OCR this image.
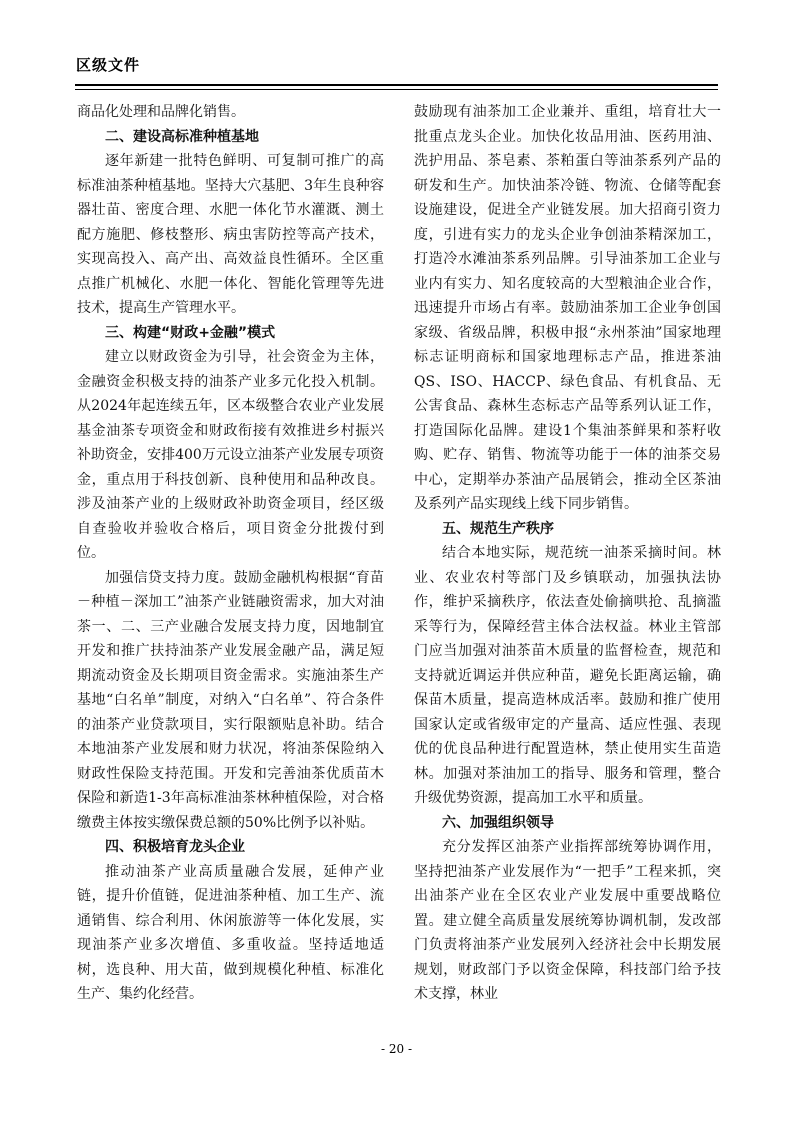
区级文件

商品化处理和品牌化销售。

二、建设高标准种植基地

逐年新建一批特色鲜明、可复制可推广的高标准油茶种植基地。坚持大穴基肥、3年生良种容器壮苗、密度合理、水肥一体化节水灌溉、测土配方施肥、修枝整形、病虫害防控等高产技术，实现高投入、高产出、高效益良性循环。全区重点推广机械化、水肥一体化、智能化管理等先进技术，提高生产管理水平。

三、构建“财政+金融”模式

建立以财政资金为引导，社会资金为主体，金融资金积极支持的油茶产业多元化投入机制。从2024年起连续五年，区本级整合农业产业发展基金油茶专项资金和财政衔接有效推进乡村振兴补助资金，安排400万元设立油茶产业发展专项资金，重点用于科技创新、良种使用和品种改良。涉及油茶产业的上级财政补助资金项目，经区级自查验收并验收合格后，项目资金分批拨付到位。

加强信贷支持力度。鼓励金融机构根据“育苗－种植－深加工”油茶产业链融资需求，加大对油茶一、二、三产业融合发展支持力度，因地制宜开发和推广扶持油茶产业发展金融产品，满足短期流动资金及长期项目资金需求。实施油茶生产基地“白名单”制度，对纳入“白名单”、符合条件的油茶产业贷款项目，实行限额贴息补助。结合本地油茶产业发展和财力状况，将油茶保险纳入财政性保险支持范围。开发和完善油茶优质苗木保险和新造1-3年高标准油茶林种植保险，对合格缴费主体按实缴保费总额的50%比例予以补贴。

四、积极培育龙头企业

推动油茶产业高质量融合发展，延伸产业链，提升价值链，促进油茶种植、加工生产、流通销售、综合利用、休闲旅游等一体化发展，实现油茶产业多次增值、多重收益。坚持适地适树，选良种、用大苗，做到规模化种植、标准化生产、集约化经营。

鼓励现有油茶加工企业兼并、重组，培育壮大一批重点龙头企业。加快化妆品用油、医药用油、洗护用品、茶皂素、茶粕蛋白等油茶系列产品的研发和生产。加快油茶冷链、物流、仓储等配套设施建设，促进全产业链发展。加大招商引资力度，引进有实力的龙头企业争创油茶精深加工，打造冷水滩油茶系列品牌。引导油茶加工企业与业内有实力、知名度较高的大型粮油企业合作，迅速提升市场占有率。鼓励油茶加工企业争创国家级、省级品牌，积极申报“永州茶油”国家地理标志证明商标和国家地理标志产品，推进茶油QS、ISO、HACCP、绿色食品、有机食品、无公害食品、森林生态标志产品等系列认证工作，打造国际化品牌。建设1个集油茶鲜果和茶籽收购、贮存、销售、物流等功能于一体的油茶交易中心，定期举办茶油产品展销会，推动全区茶油及系列产品实现线上线下同步销售。

五、规范生产秩序

结合本地实际，规范统一油茶采摘时间。林业、农业农村等部门及乡镇联动，加强执法协作，维护采摘秩序，依法查处偷摘哄抢、乱摘滥采等行为，保障经营主体合法权益。林业主管部门应当加强对油茶苗木质量的监督检查，规范和支持就近调运并供应种苗，避免长距离运输，确保苗木质量，提高造林成活率。鼓励和推广使用国家认定或省级审定的产量高、适应性强、表现优的优良品种进行配置造林，禁止使用实生苗造林。加强对茶油加工的指导、服务和管理，整合升级优势资源，提高加工水平和质量。

六、加强组织领导

充分发挥区油茶产业指挥部统筹协调作用，坚持把油茶产业发展作为“一把手”工程来抓，突出油茶产业在全区农业产业发展中重要战略位置。建立健全高质量发展统筹协调机制，发改部门负责将油茶产业发展列入经济社会中长期发展规划，财政部门予以资金保障，科技部门给予技术支撑，林业

- 20 -
